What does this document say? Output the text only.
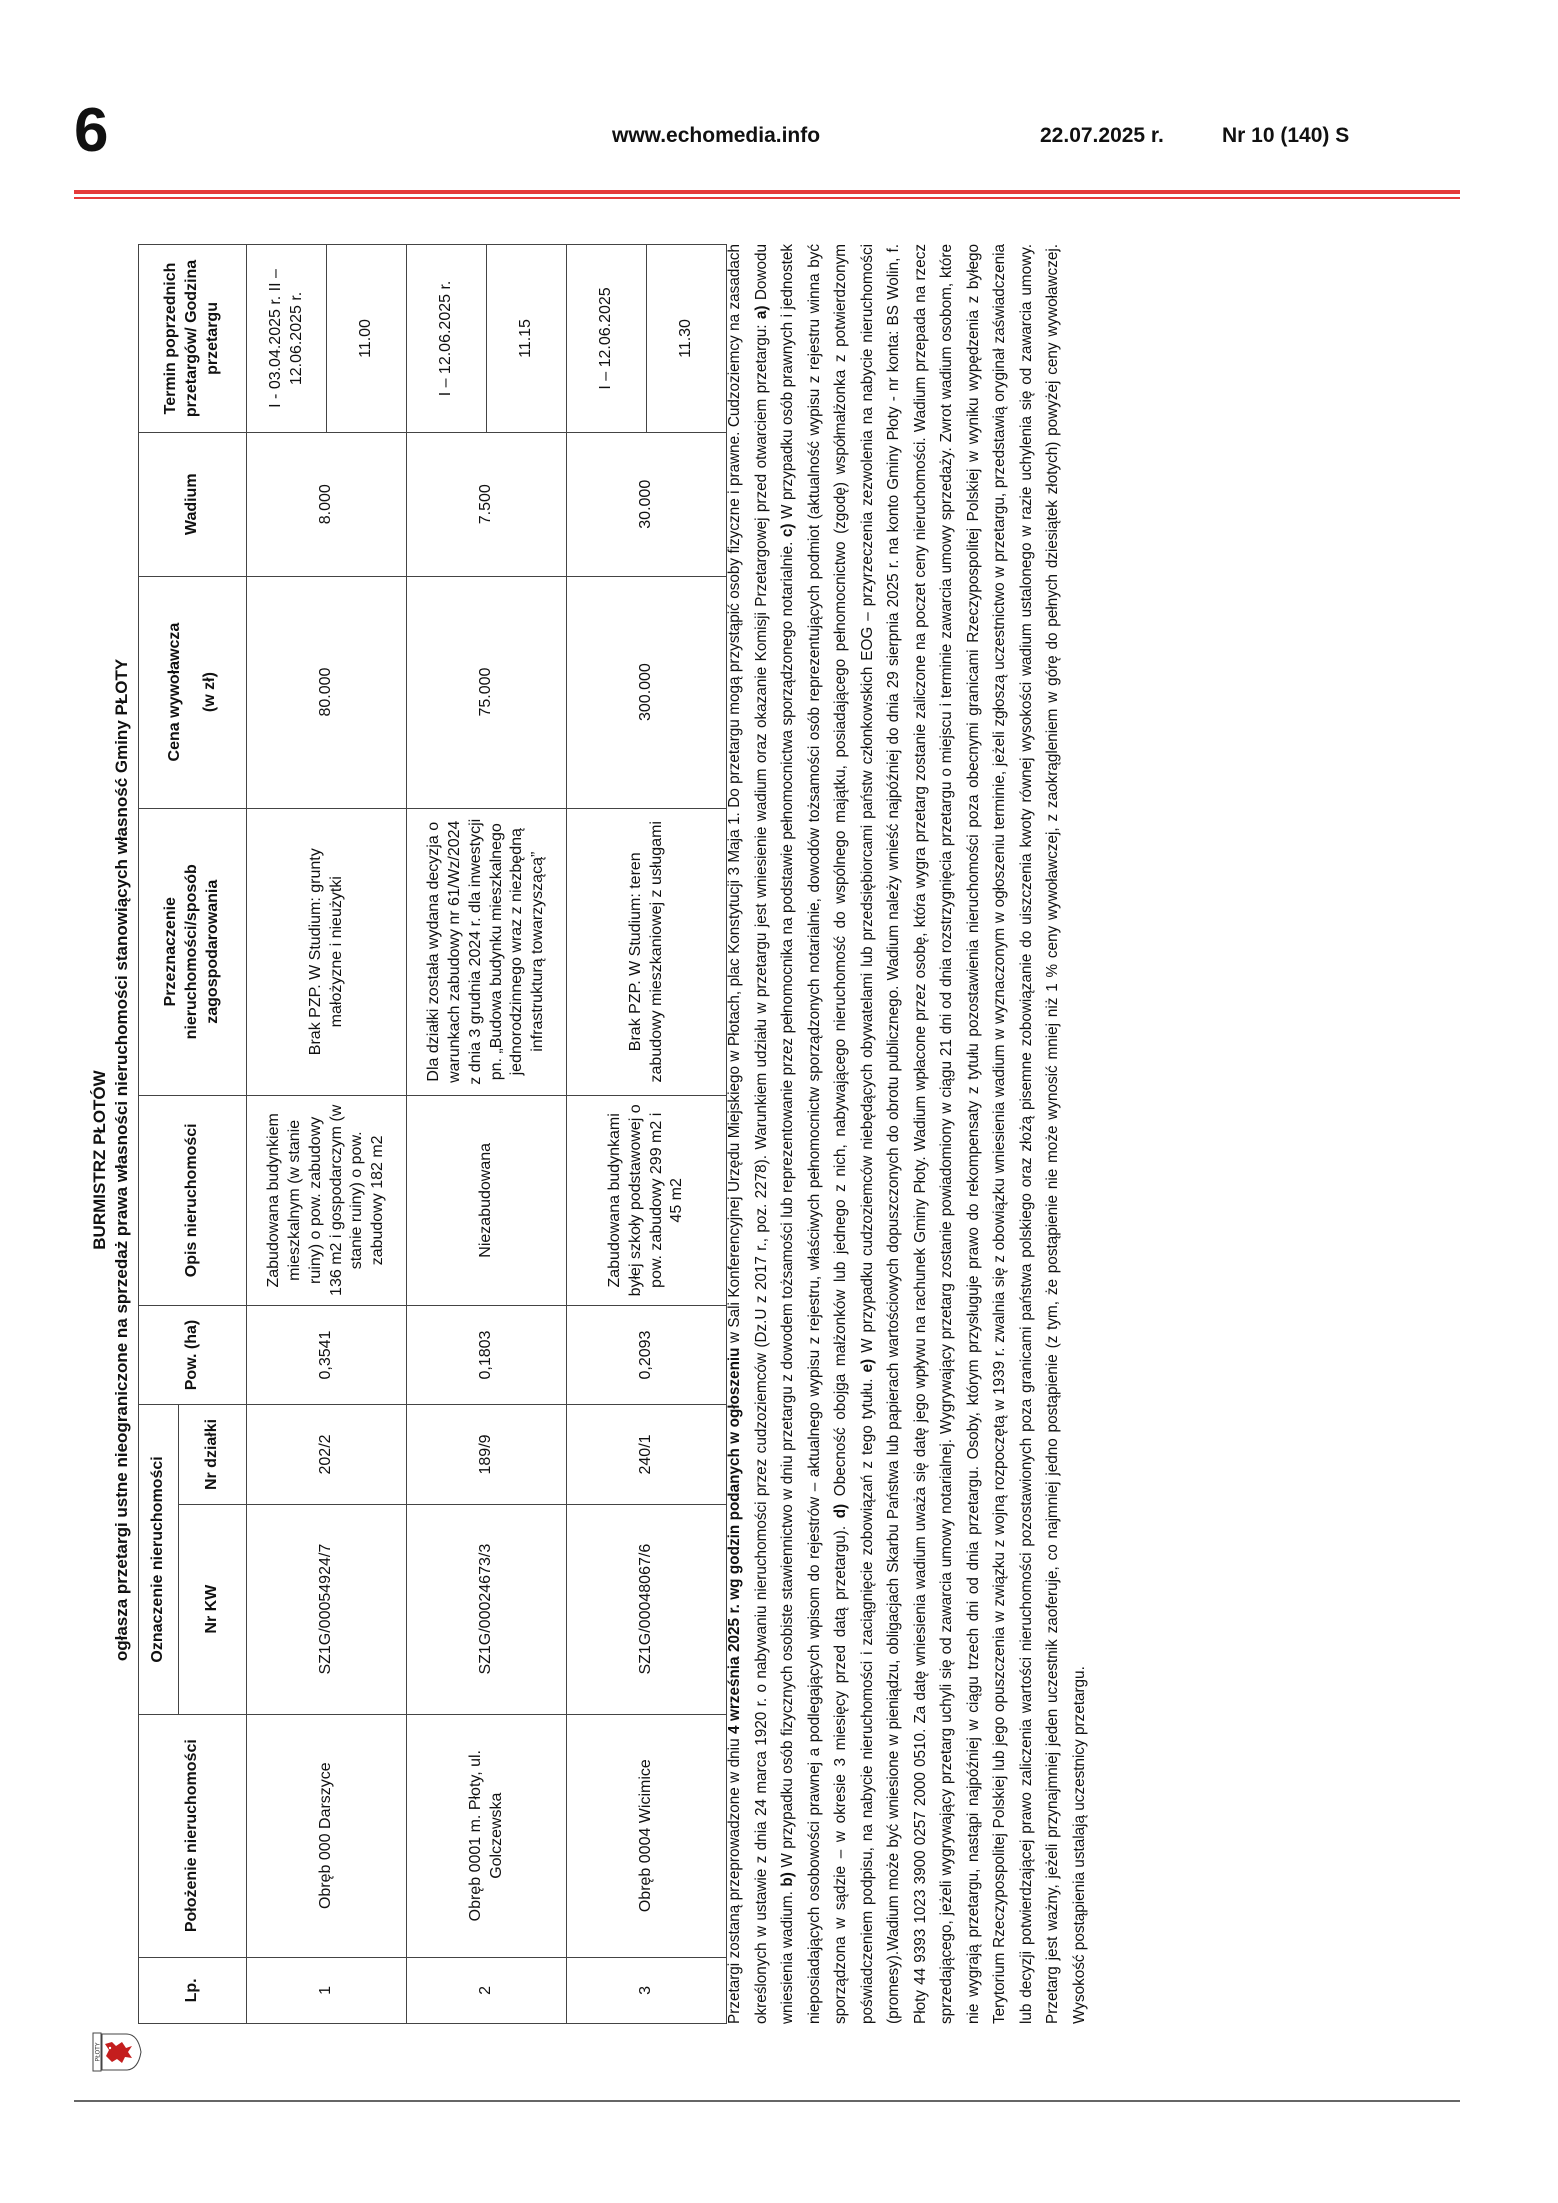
6	www.echomedia.info	22.07.2025 r.	Nr 10 (140) S
PŁOTY
BURMISTRZ PŁOTÓW ogłasza przetargi ustne nieograniczone na sprzedaż prawa własności nieruchomości stanowiących własność Gminy PŁOTY
Lp.	Położenie nieruchomości	Oznaczenie nieruchomości		Pow. (ha)	Opis nieruchomości	Przeznaczenie nieruchomości/sposób zagospodarowania	Cena wywoławcza (w zł)	Wadium	Termin poprzednich przetargów/ Godzina przetargu
		Nr KW	Nr działki						
1	Obręb 000 Darszyce	SZ1G/00054924/7	202/2	0,3541	Zabudowana budynkiem mieszkalnym (w stanie ruiny) o pow. zabudowy 136 m2 i gospodarczym (w stanie ruiny) o pow. zabudowy 182 m2	Brak PZP. W Studium: grunty małożyzne i nieużytki	80.000	8.000	I - 03.04.2025 r. II – 12.06.2025 r. 11.00

2	Obręb 0001 m. Płoty, ul. Golczewska	SZ1G/00024673/3	189/9	0,1803	Niezabudowana	Dla działki została wydana decyzja o warunkach zabudowy nr 61/Wz/2024 z dnia 3 grudnia 2024 r. dla inwestycji pn. „Budowa budynku mieszkalnego jednorodzinnego wraz z niezbędną infrastrukturą towarzyszącą”	75.000	7.500	I – 12.06.2025 r. 11.15

3	Obręb 0004 Wicimice	SZ1G/00048067/6	240/1	0,2093	Zabudowana budynkami byłej szkoły podstawowej o pow. zabudowy 299 m2 i 45 m2	Brak PZP. W Studium: teren zabudowy mieszkaniowej z usługami	300.000	30.000	I – 12.06.2025 11.30
Przetargi zostaną przeprowadzone w dniu 4 września 2025 r. wg godzin podanych w ogłoszeniu w Sali Konferencyjnej Urzędu Miejskiego w Płotach, plac Konstytucji 3 Maja 1. Do przetargu mogą przystąpić osoby fizyczne i prawne. Cudzoziemcy na zasadach określonych w ustawie z dnia 24 marca 1920 r. o nabywaniu nieruchomości przez cudzoziemców (Dz.U z 2017 r., poz. 2278). Warunkiem udziału w przetargu jest wniesienie wadium oraz okazanie Komisji Przetargowej przed otwarciem przetargu: a) Dowodu wniesienia wadium. b) W przypadku osób fizycznych osobiste stawiennictwo w dniu przetargu z dowodem tożsamości lub reprezentowanie przez pełnomocnika na podstawie pełnomocnictwa sporządzonego notarialnie. c) W przypadku osób prawnych i jednostek nieposiadających osobowości prawnej a podlegających wpisom do rejestrów – aktualnego wypisu z rejestru, właściwych pełnomocnictw sporządzonych notarialnie, dowodów tożsamości osób reprezentujących podmiot (aktualność wypisu z rejestru winna być sporządzona w sądzie – w okresie 3 miesięcy przed datą przetargu). d) Obecność obojga małżonków lub jednego z nich, nabywającego nieruchomość do wspólnego majątku, posiadającego pełnomocnictwo (zgodę) współmałżonka z potwierdzonym poświadczeniem podpisu, na nabycie nieruchomości i zaciągnięcie zobowiązań z tego tytułu. e) W przypadku cudzoziemców niebędących obywatelami lub przedsiębiorcami państw członkowskich EOG – przyrzeczenia zezwolenia na nabycie nieruchomości (promesy).Wadium może być wniesione w pieniądzu, obligacjach Skarbu Państwa lub papierach wartościowych dopuszczonych do obrotu publicznego. Wadium należy wnieść najpóźniej do dnia 29 sierpnia 2025 r. na konto Gminy Płoty - nr konta: BS Wolin, f. Płoty 44 9393 1023 3900 0257 2000 0510. Za datę wniesienia wadium uważa się datę jego wpływu na rachunek Gminy Płoty. Wadium wpłacone przez osobę, która wygra przetarg zostanie zaliczone na poczet ceny nieruchomości. Wadium przepada na rzecz sprzedającego, jeżeli wygrywający przetarg uchyli się od zawarcia umowy notarialnej. Wygrywający przetarg zostanie powiadomiony w ciągu 21 dni od dnia rozstrzygnięcia przetargu o miejscu i terminie zawarcia umowy sprzedaży. Zwrot wadium osobom, które nie wygrają przetargu, nastąpi najpóźniej w ciągu trzech dni od dnia przetargu. Osoby, którym przysługuje prawo do rekompensaty z tytułu pozostawienia nieruchomości poza obecnymi granicami Rzeczypospolitej Polskiej w wyniku wypędzenia z byłego Terytorium Rzeczypospolitej Polskiej lub jego opuszczenia w związku z wojną rozpoczętą w 1939 r. zwalnia się z obowiązku wniesienia wadium w wyznaczonym w ogłoszeniu terminie, jeżeli zgłoszą uczestnictwo w przetargu, przedstawią oryginał zaświadczenia lub decyzji potwierdzającej prawo zaliczenia wartości nieruchomości pozostawionych poza granicami państwa polskiego oraz złożą pisemne zobowiązanie do uiszczenia kwoty równej wysokości wadium ustalonego w razie uchylenia się od zawarcia umowy. Przetarg jest ważny, jeżeli przynajmniej jeden uczestnik zaoferuje, co najmniej jedno postąpienie (z tym, że postąpienie nie może wynosić mniej niż 1 % ceny wywoławczej, z zaokrągleniem w górę do pełnych dziesiątek złotych) powyżej ceny wywoławczej. Wysokość postąpienia ustalają uczestnicy przetargu.
